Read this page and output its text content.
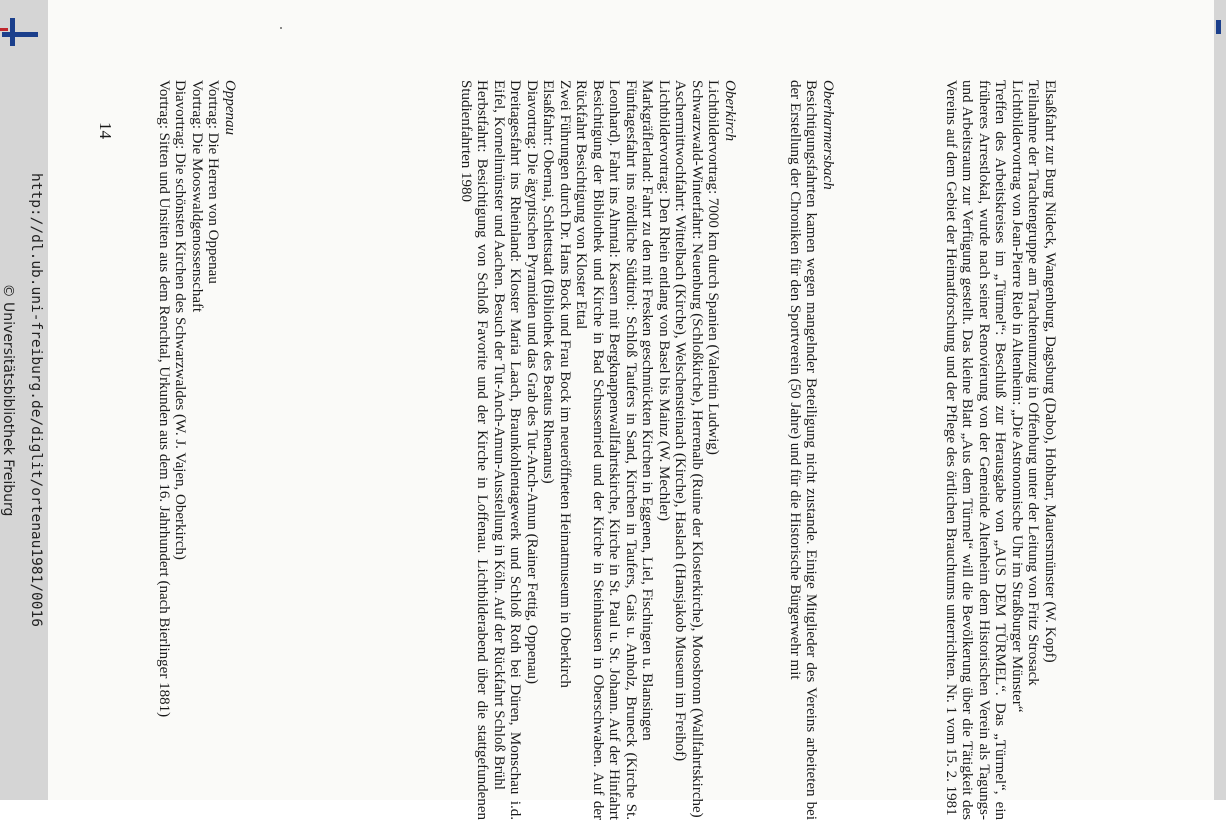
http://dl.ub.uni-freiburg.de/diglit/ortenau1981/0016
© Universitätsbibliothek Freiburg
14	Elsaßfahrt zur Burg Nideck, Wangenburg, Dagsburg (Dabo), Hohbarr, Mauersmünster (W. Kopf)

Teilnahme der Trachtengruppe am Trachtenumzug in Offenburg unter der Leitung von Fritz Strosack

Lichtbildervortrag von Jean-Pierre Rieb in Altenheim: „Die Astronomische Uhr im Straßburger Münster“

Treffen des Arbeitskreises im „Türmel“: Beschluß zur Herausgabe von „AUS DEM TÜRMEL“. Das „Türmel“, ein früheres Arrestlokal, wurde nach seiner Renovierung von der Gemeinde Altenheim dem Historischen Verein als Tagungs- und Arbeitsraum zur Verfügung gestellt. Das kleine Blatt „Aus dem Türmel“ will die Bevölkerung über die Tätigkeit des Vereins auf dem Gebiet der Heimatforschung und der Pflege des örtlichen Brauchtums unterrichten. Nr. 1 vom 15. 2. 1981

Oberharmersbach

Besichtigungsfahrten kamen wegen mangelnder Beteiligung nicht zustande. Einige Mitglieder des Vereins arbeiteten bei der Erstellung der Chroniken für den Sportverein (50 Jahre) und für die Historische Bürgerwehr mit

Oberkirch

Lichtbildervortrag: 7000 km durch Spanien (Valentin Ludwig)

Schwarzwald-Winterfahrt: Neuenburg (Schloßkirche), Herrenalb (Ruine der Klosterkirche), Moosbronn (Wallfahrtskirche)

Aschermittwochfahrt: Wittelbach (Kirche), Welschensteinach (Kirche), Haslach (Hansjakob Museum im Freihof)

Lichtbildervortrag: Den Rhein entlang von Basel bis Mainz (W. Mechler)

Markgräflerland: Fahrt zu den mit Fresken geschmückten Kirchen in Eggenen, Liel, Fischingen u. Blansingen

Fünftagesfahrt ins nördliche Südtirol: Schloß Taufers in Sand, Kirchen in Taufers, Gais u. Anholz, Bruneck (Kirche St. Leonhard). Fahrt ins Ahrntal: Kasern mit Bergknappenwallfahrtskirche, Kirche in St. Paul u. St. Johann. Auf der Hinfahrt Besichtigung der Bibliothek und Kirche in Bad Schussenried und der Kirche in Steinhausen in Oberschwaben. Auf der Rückfahrt Besichtigung von Kloster Ettal

Zwei Führungen durch Dr. Hans Bock und Frau Bock im neueröffneten Heimatmuseum in Oberkirch

Elsaßfahrt: Obernai, Schlettstadt (Bibliothek des Beatus Rhenanus)

Diavortrag: Die ägyptischen Pyramiden und das Grab des Tut-Anch-Amun (Rainer Fettig, Oppenau)

Dreitagesfahrt ins Rheinland: Kloster Maria Laach, Braunkohlentagewerk und Schloß Roth bei Düren, Monschau i.d. Eifel, Kornelimünster und Aachen. Besuch der Tut-Anch-Amun-Ausstellung in Köln. Auf der Rückfahrt Schloß Brühl

Herbstfahrt: Besichtigung von Schloß Favorite und der Kirche in Loffenau. Lichtbilderabend über die stattgefundenen Studienfahrten 1980

Oppenau

Vortrag: Die Herren von Oppenau

Vortrag: Die Mooswaldgenossenschaft

Diavortrag: Die schönsten Kirchen des Schwarzwaldes (W. J. Vajen, Oberkirch)

Vortrag: Sitten und Unsitten aus dem Renchtal, Urkunden aus dem 16. Jahrhundert (nach Bierlinger 1881)
